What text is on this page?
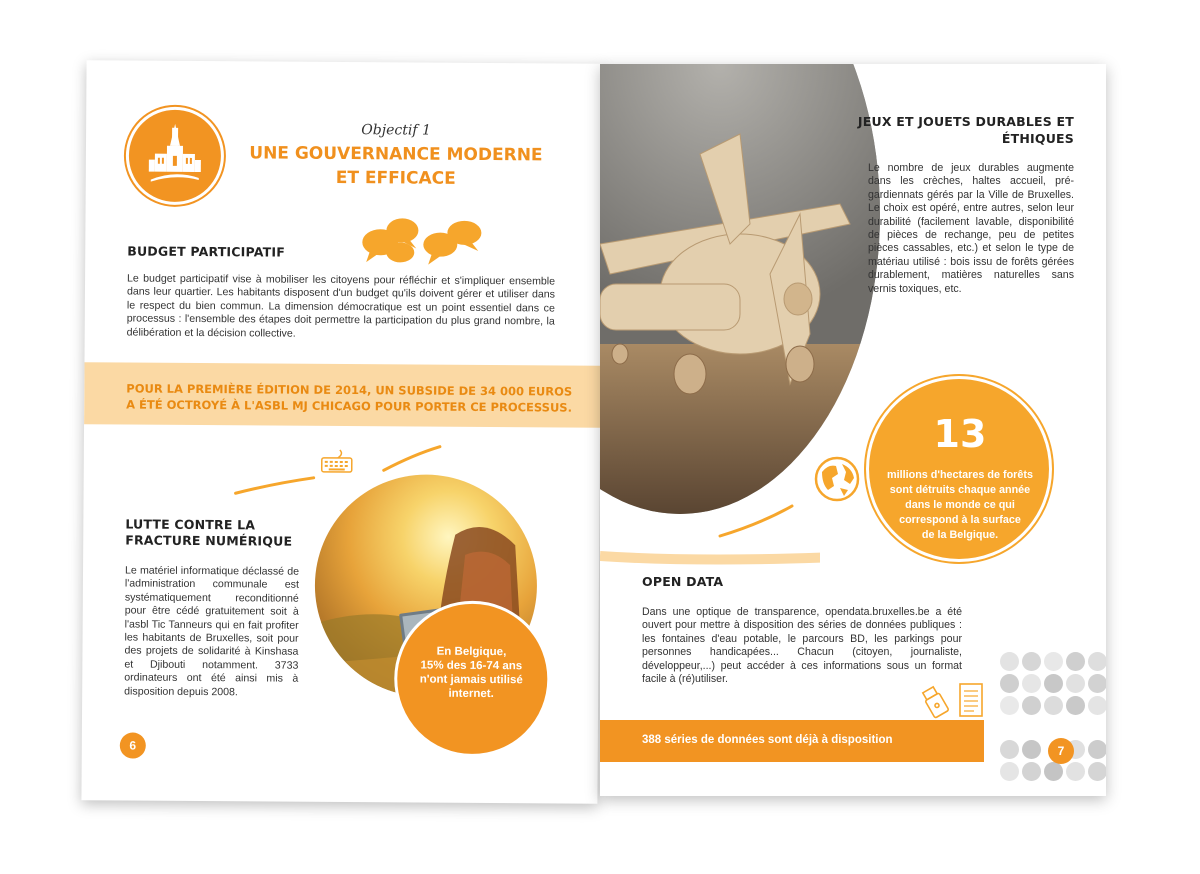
Objectif 1
UNE GOUVERNANCE MODERNE
ET EFFICACE
BUDGET PARTICIPATIF
Le budget participatif vise à mobiliser les citoyens pour réfléchir et s'impliquer ensemble dans leur quartier. Les habitants disposent d'un budget qu'ils doivent gérer et utiliser dans le respect du bien commun. La dimension démocratique est un point essentiel dans ce processus : l'ensemble des étapes doit permettre la participation du plus grand nombre, la délibération et la décision collective.
POUR LA PREMIÈRE ÉDITION DE 2014, UN SUBSIDE DE 34 000 EUROS
A ÉTÉ OCTROYÉ À L'ASBL MJ CHICAGO POUR PORTER CE PROCESSUS.
LUTTE CONTRE LA
FRACTURE NUMÉRIQUE
Le matériel informatique déclassé de l'administration communale est systématiquement reconditionné pour être cédé gratuitement soit à l'asbl Tic Tanneurs qui en fait profiter les habitants de Bruxelles, soit pour des projets de solidarité à Kinshasa et Djibouti notamment. 3733 ordinateurs ont été ainsi mis à disposition depuis 2008.
En Belgique,
15% des 16-74 ans
n'ont jamais utilisé
internet.
6
JEUX ET JOUETS DURABLES ET
ÉTHIQUES
Le nombre de jeux durables augmente dans les crèches, haltes accueil, pré-gardiennats gérés par la Ville de Bruxelles. Le choix est opéré, entre autres, selon leur durabilité (facilement lavable, disponibilité de pièces de rechange, peu de petites pièces cassables, etc.) et selon le type de matériau utilisé : bois issu de forêts gérées durablement, matières naturelles sans vernis toxiques, etc.
13
millions d'hectares de forêts
sont détruits chaque année
dans le monde ce qui
correspond à la surface
de la Belgique.
OPEN DATA
Dans une optique de transparence, opendata.bruxelles.be a été ouvert pour mettre à disposition des séries de données publiques : les fontaines d'eau potable, le parcours BD, les parkings pour personnes handicapées... Chacun (citoyen, journaliste, développeur,...) peut accéder à ces informations sous un format facile à (ré)utiliser.
388 séries de données sont déjà à disposition
7
